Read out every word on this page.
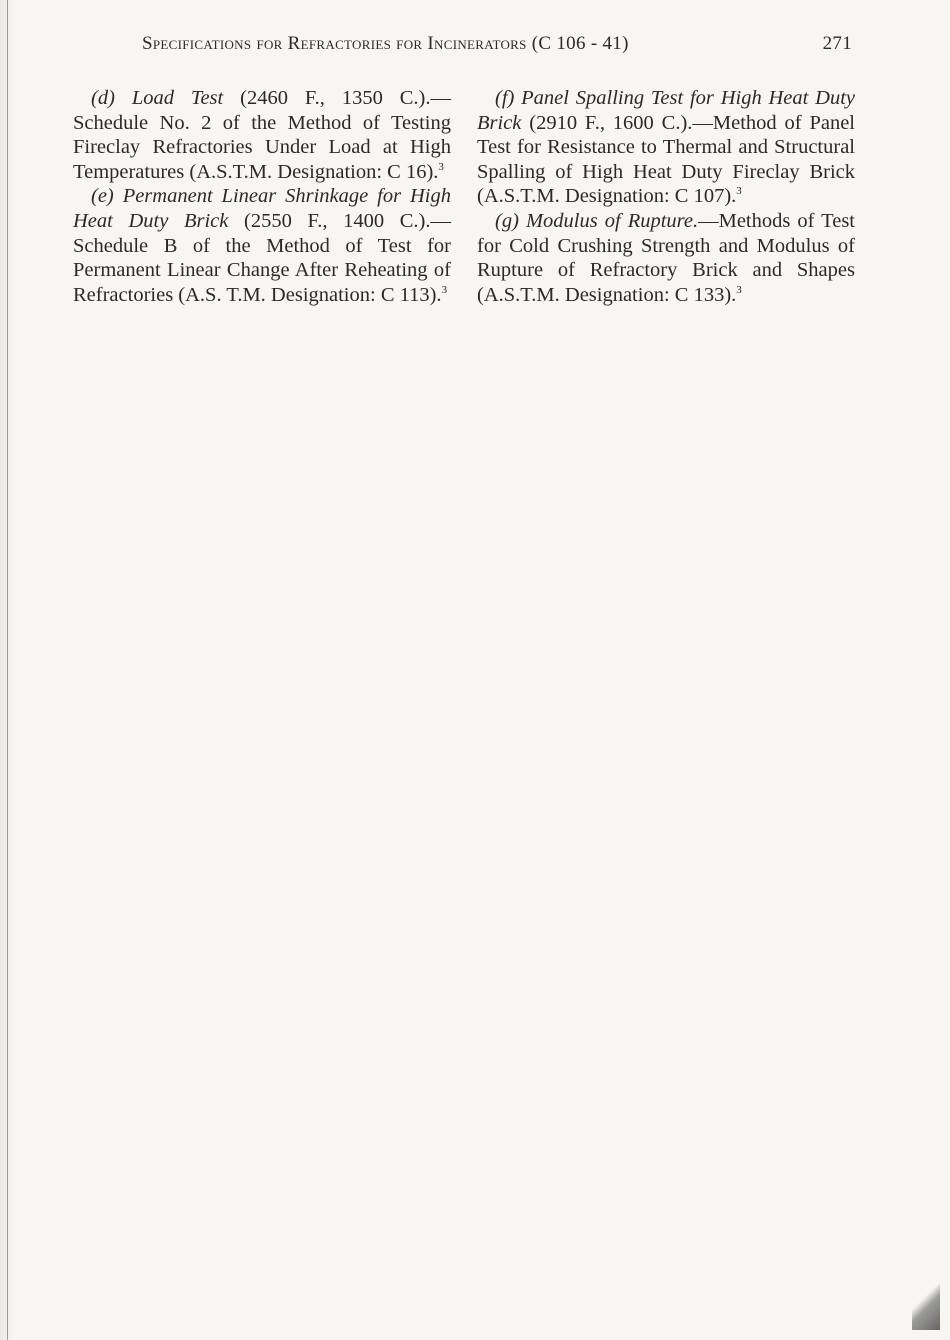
Specifications for Refractories for Incinerators (C 106 - 41)	271

(d) Load Test (2460 F., 1350 C.).—Schedule No. 2 of the Method of Testing Fireclay Refractories Under Load at High Temperatures (A.S.T.M. Designation: C 16).$^3$

(e) Permanent Linear Shrinkage for High Heat Duty Brick (2550 F., 1400 C.).—Schedule B of the Method of Test for Permanent Linear Change After Reheating of Refractories (A.S. T.M. Designation: C 113).$^3$

(f) Panel Spalling Test for High Heat Duty Brick (2910 F., 1600 C.).—Method of Panel Test for Resistance to Thermal and Structural Spalling of High Heat Duty Fireclay Brick (A.S.T.M. Designation: C 107).$^3$

(g) Modulus of Rupture.—Methods of Test for Cold Crushing Strength and Modulus of Rupture of Refractory Brick and Shapes (A.S.T.M. Designation: C 133).$^3$
